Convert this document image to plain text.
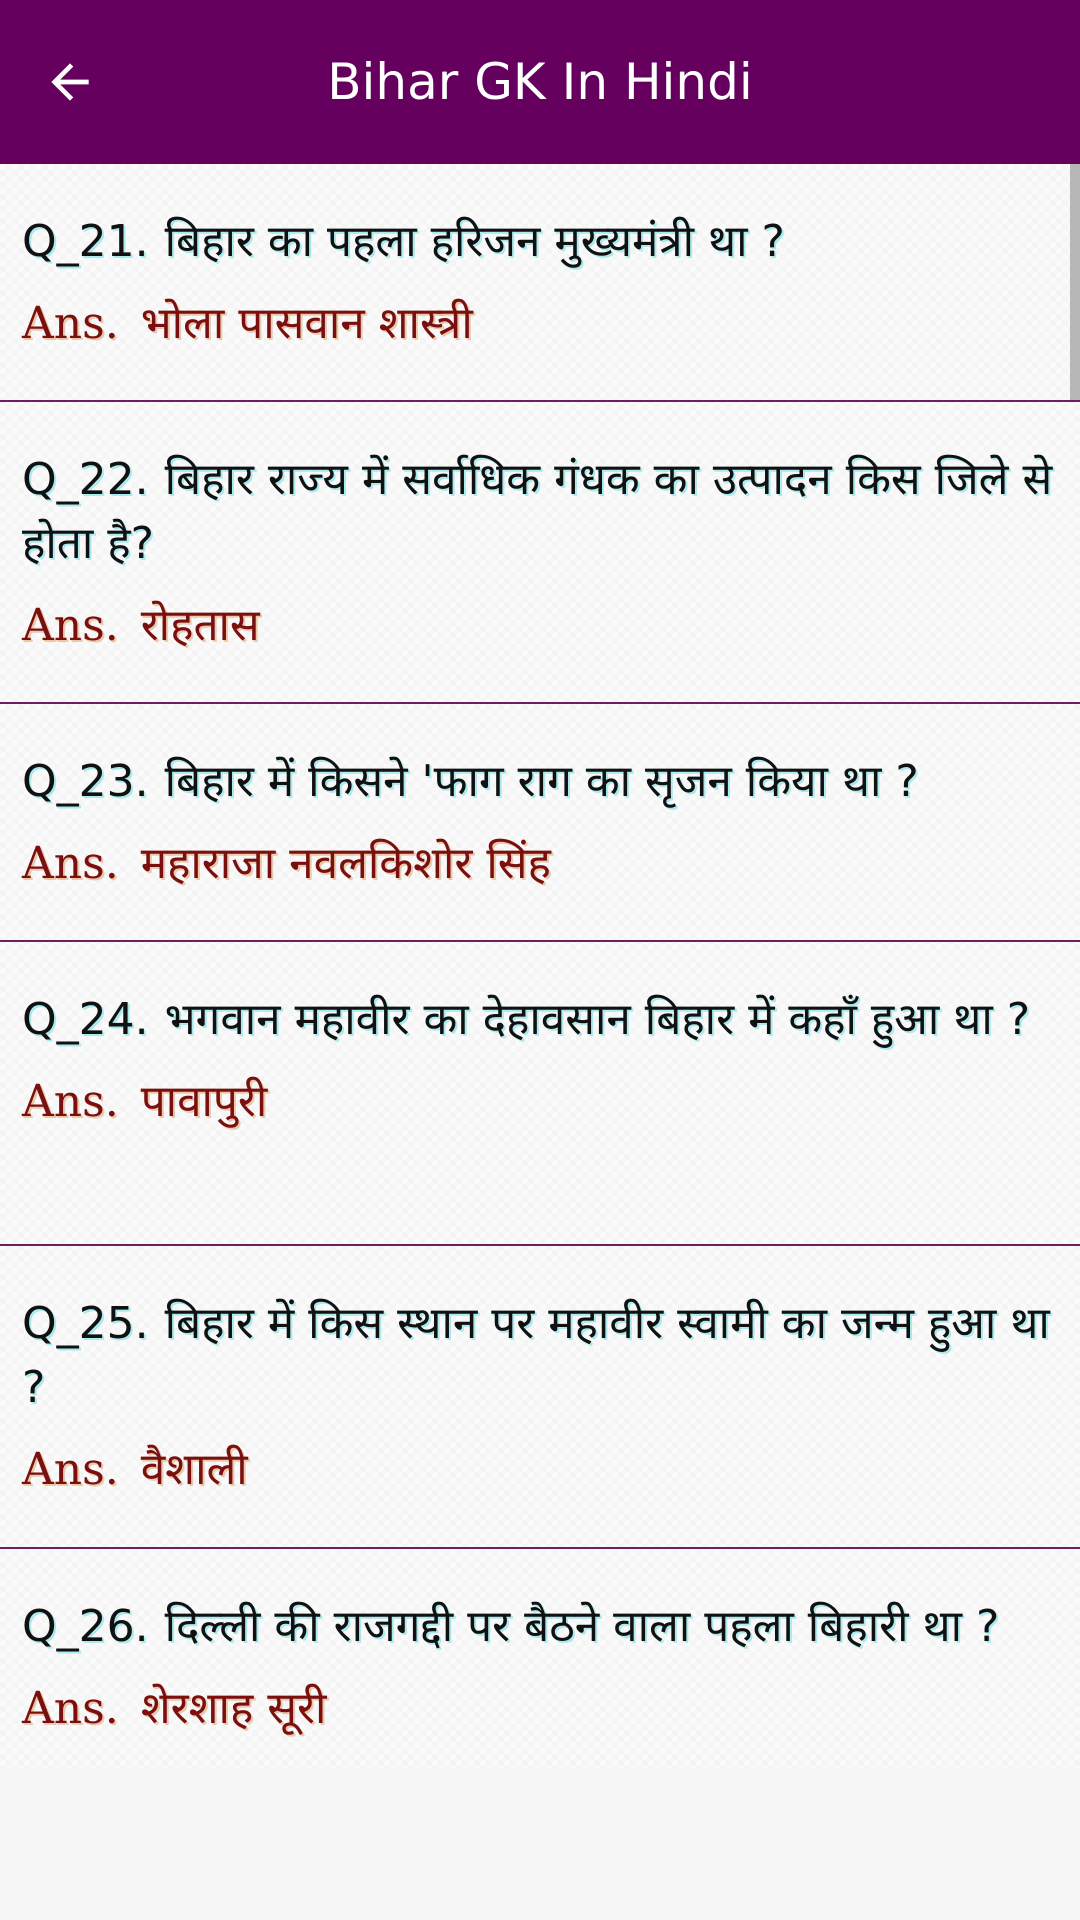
Bihar GK In Hindi

Q_21. बिहार का पहला हरिजन मुख्यमंत्री था ?

Ans. भोला पासवान शास्त्री

Q_22. बिहार राज्य में सर्वाधिक गंधक का उत्पादन किस जिले से होता है?

Ans. रोहतास

Q_23. बिहार में किसने 'फाग राग का सृजन किया था ?

Ans. महाराजा नवलकिशोर सिंह

Q_24. भगवान महावीर का देहावसान बिहार में कहॉं हुआ था ?

Ans. पावापुरी

Q_25. बिहार में किस स्थान पर महावीर स्वामी का जन्म हुआ था ?

Ans. वैशाली

Q_26. दिल्ली की राजगद्दी पर बैठने वाला पहला बिहारी था ?

Ans. शेरशाह सूरी
